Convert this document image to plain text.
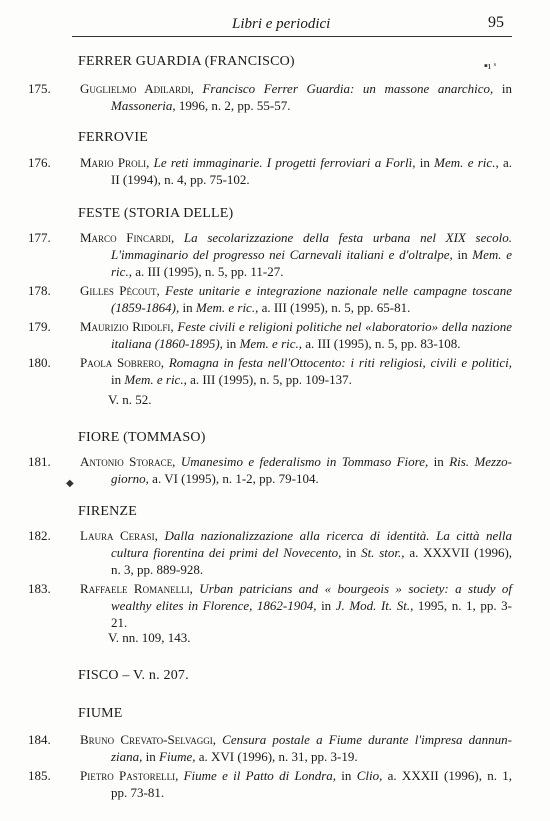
Libri e periodici	95
FERRER GUARDIA (FRANCISCO)	▪ı ˢ
175.	Guglielmo Adilardi, Francisco Ferrer Guardia: un massone anarchico, in
Massoneria, 1996, n. 2, pp. 55-57.
FERROVIE
176.	Mario Proli, Le reti immaginarie. I progetti ferroviari a Forlì, in Mem. e ric., a.
II (1994), n. 4, pp. 75-102.
FESTE (STORIA DELLE)
177.	Marco Fincardi, La secolarizzazione della festa urbana nel XIX secolo.
L'immaginario del progresso nei Carnevali italiani e d'oltralpe, in Mem. e
ric., a. III (1995), n. 5, pp. 11-27.
178.	Gilles Pécout, Feste unitarie e integrazione nazionale nelle campagne toscane
(1859-1864), in Mem. e ric., a. III (1995), n. 5, pp. 65-81.
179.	Maurizio Ridolfi, Feste civili e religioni politiche nel «laboratorio» della nazione
italiana (1860-1895), in Mem. e ric., a. III (1995), n. 5, pp. 83-108.
180.	Paola Sobrero, Romagna in festa nell'Ottocento: i riti religiosi, civili e politici,
in Mem. e ric., a. III (1995), n. 5, pp. 109-137.
V. n. 52.
FIORE (TOMMASO)
181.	Antonio Storace, Umanesimo e federalismo in Tommaso Fiore, in Ris. Mezzo-
giorno, a. VI (1995), n. 1-2, pp. 79-104.
◆
FIRENZE
182.	Laura Cerasi, Dalla nazionalizzazione alla ricerca di identità. La città nella
cultura fiorentina dei primi del Novecento, in St. stor., a. XXXVII (1996),
n. 3, pp. 889-928.
183.	Raffaele Romanelli, Urban patricians and « bourgeois » society: a study of
wealthy elites in Florence, 1862-1904, in J. Mod. It. St., 1995, n. 1, pp. 3-
21.
V. nn. 109, 143.
FISCO – V. n. 207.
FIUME
184.	Bruno Crevato-Selvaggi, Censura postale a Fiume durante l'impresa dannun-
ziana, in Fiume, a. XVI (1996), n. 31, pp. 3-19.
185.	Pietro Pastorelli, Fiume e il Patto di Londra, in Clio, a. XXXII (1996), n. 1,
pp. 73-81.
